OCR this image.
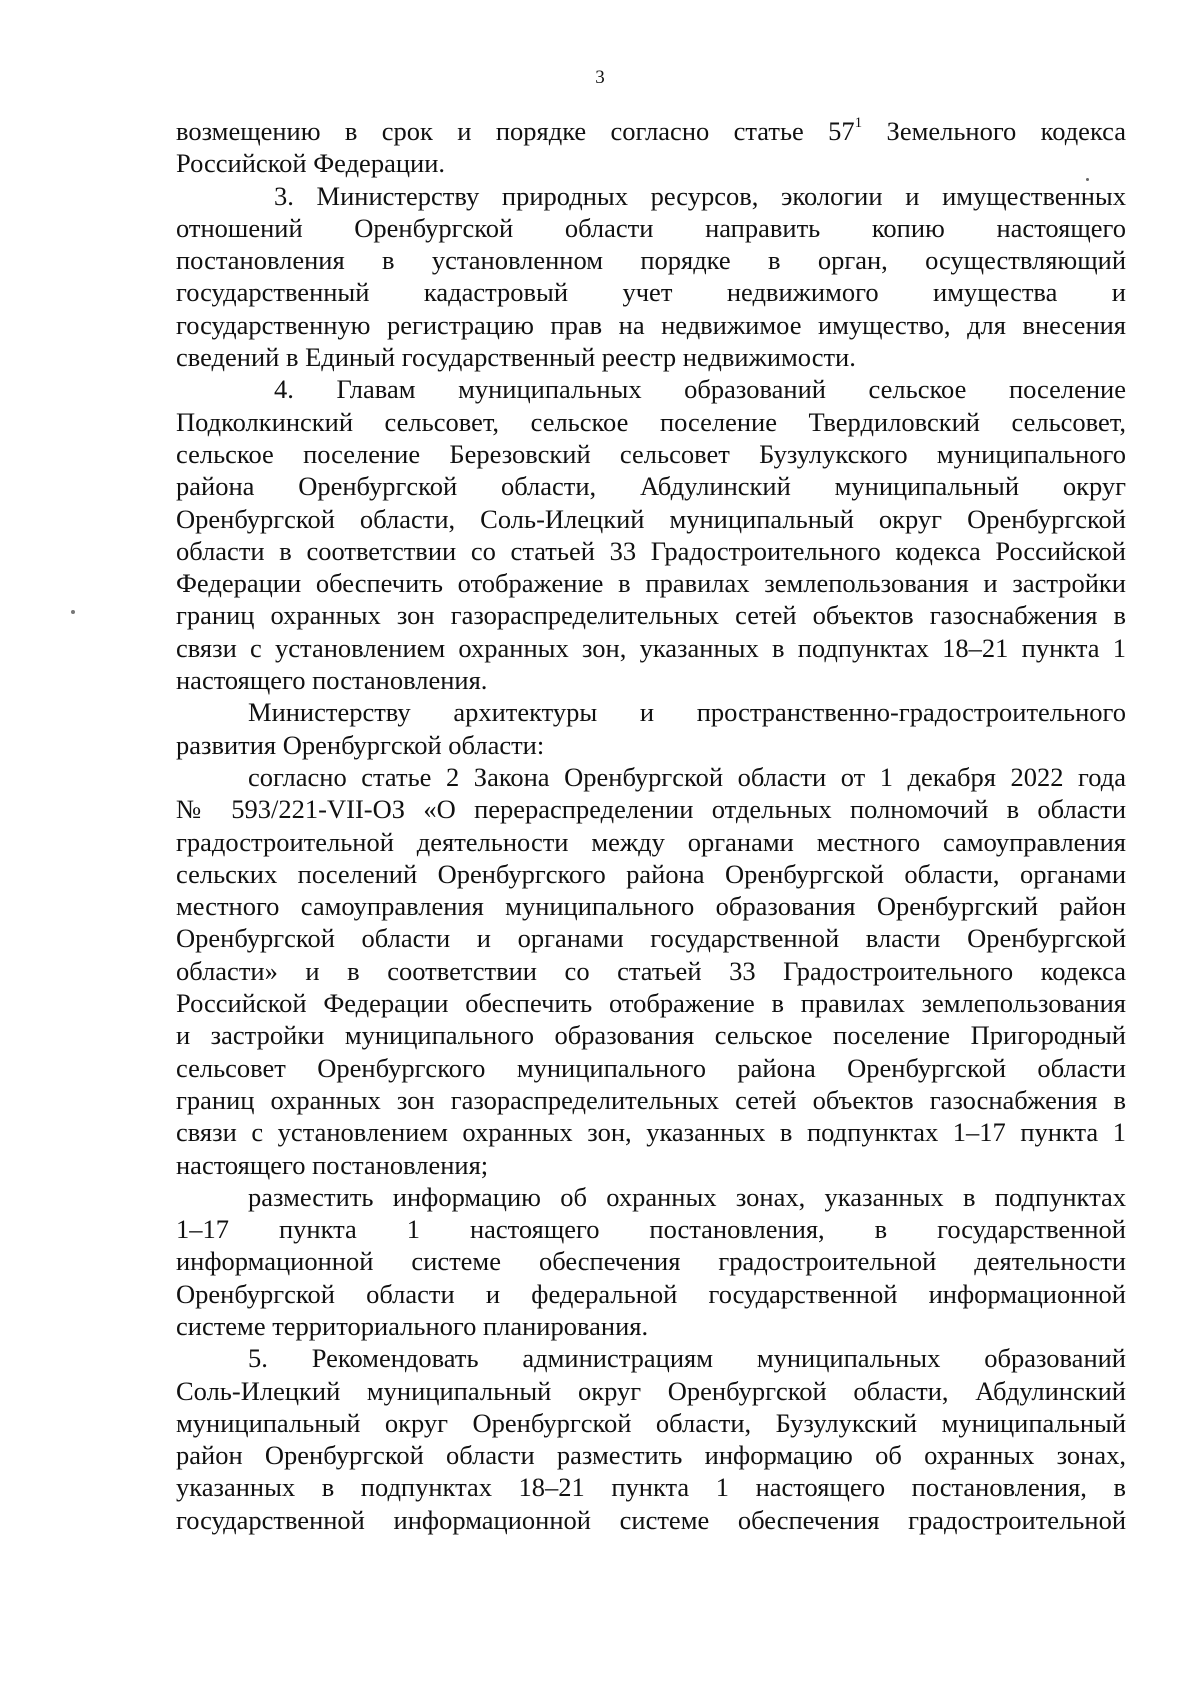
3
возмещению в срок и порядке согласно статье $57^1$ Земельного кодекса
Российской Федерации.
3. Министерству природных ресурсов, экологии и имущественных
отношений Оренбургской области направить копию настоящего
постановления в установленном порядке в орган, осуществляющий
государственный кадастровый учет недвижимого имущества и
государственную регистрацию прав на недвижимое имущество, для внесения
сведений в Единый государственный реестр недвижимости.
4. Главам муниципальных образований сельское поселение
Подколкинский сельсовет, сельское поселение Твердиловский сельсовет,
сельское поселение Березовский сельсовет Бузулукского муниципального
района Оренбургской области, Абдулинский муниципальный округ
Оренбургской области, Соль-Илецкий муниципальный округ Оренбургской
области в соответствии со статьей 33 Градостроительного кодекса Российской
Федерации обеспечить отображение в правилах землепользования и застройки
границ охранных зон газораспределительных сетей объектов газоснабжения в
связи с установлением охранных зон, указанных в подпунктах 18–21 пункта 1
настоящего постановления.
Министерству архитектуры и пространственно-градостроительного
развития Оренбургской области:
согласно статье 2 Закона Оренбургской области от 1 декабря 2022 года
№ 593/221-VII-ОЗ «О перераспределении отдельных полномочий в области
градостроительной деятельности между органами местного самоуправления
сельских поселений Оренбургского района Оренбургской области, органами
местного самоуправления муниципального образования Оренбургский район
Оренбургской области и органами государственной власти Оренбургской
области» и в соответствии со статьей 33 Градостроительного кодекса
Российской Федерации обеспечить отображение в правилах землепользования
и застройки муниципального образования сельское поселение Пригородный
сельсовет Оренбургского муниципального района Оренбургской области
границ охранных зон газораспределительных сетей объектов газоснабжения в
связи с установлением охранных зон, указанных в подпунктах 1–17 пункта 1
настоящего постановления;
разместить информацию об охранных зонах, указанных в подпунктах
1–17 пункта 1 настоящего постановления, в государственной
информационной системе обеспечения градостроительной деятельности
Оренбургской области и федеральной государственной информационной
системе территориального планирования.
5. Рекомендовать администрациям муниципальных образований
Соль-Илецкий муниципальный округ Оренбургской области, Абдулинский
муниципальный округ Оренбургской области, Бузулукский муниципальный
район Оренбургской области разместить информацию об охранных зонах,
указанных в подпунктах 18–21 пункта 1 настоящего постановления, в
государственной информационной системе обеспечения градостроительной
